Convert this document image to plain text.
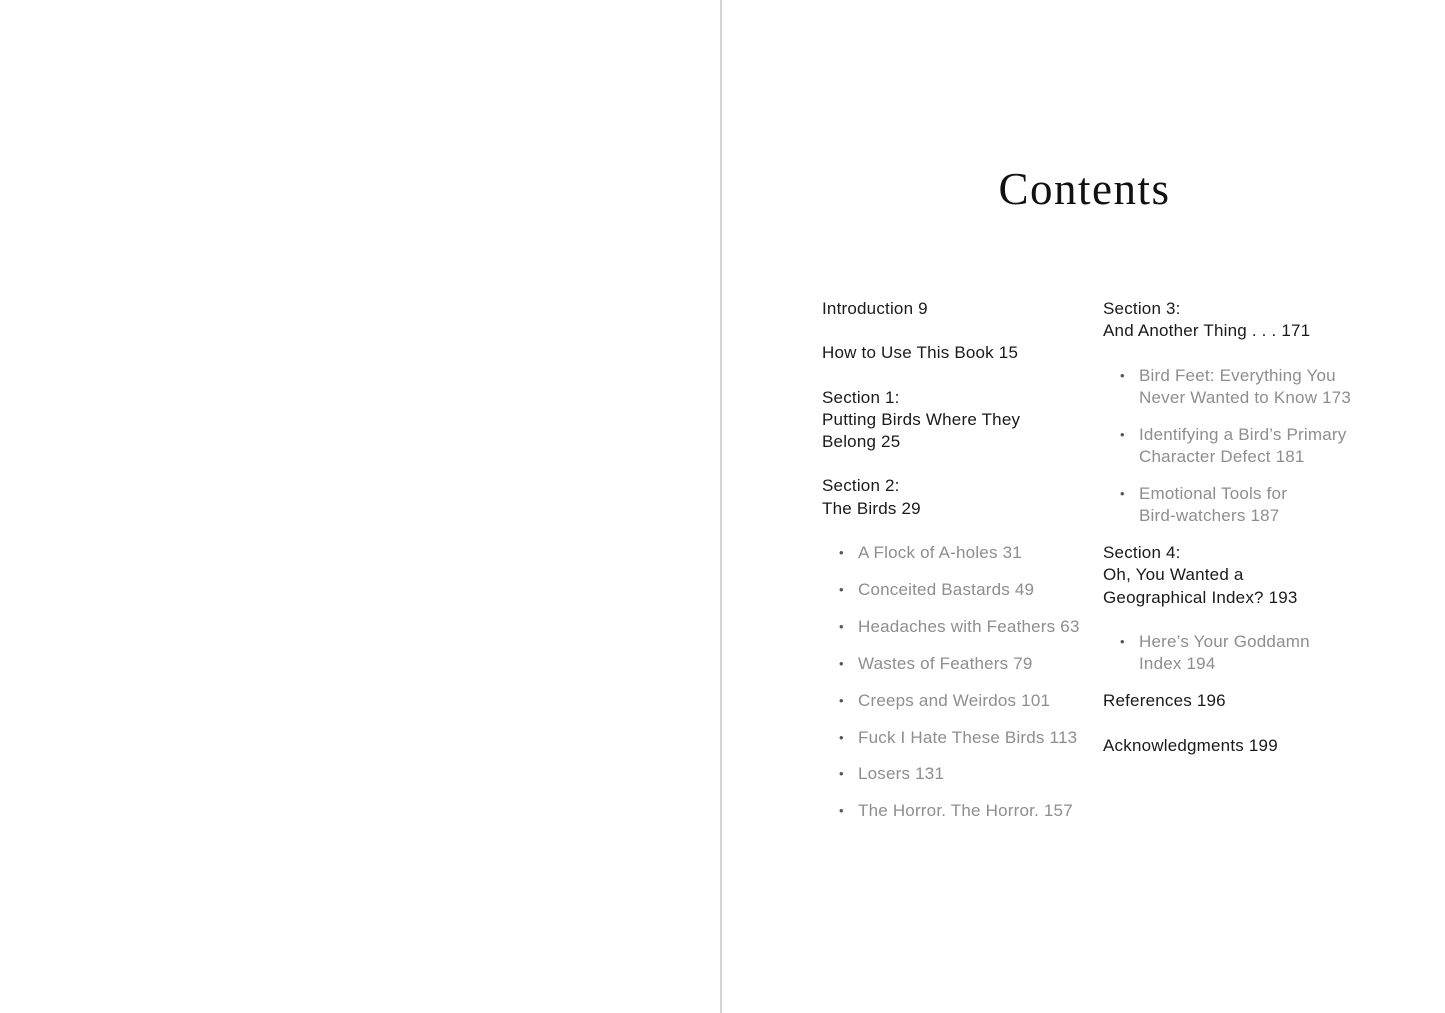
Contents
Introduction 9
How to Use This Book 15
Section 1:
Putting Birds Where They
Belong 25
Section 2:
The Birds 29
• A Flock of A-holes 31
• Conceited Bastards 49
• Headaches with Feathers 63
• Wastes of Feathers 79
• Creeps and Weirdos 101
• Fuck I Hate These Birds 113
• Losers 131
• The Horror. The Horror. 157
Section 3:
And Another Thing . . . 171
• Bird Feet: Everything You
Never Wanted to Know 173
• Identifying a Bird’s Primary
Character Defect 181
• Emotional Tools for
Bird-watchers 187
Section 4:
Oh, You Wanted a
Geographical Index? 193
• Here’s Your Goddamn
Index 194
References 196
Acknowledgments 199
